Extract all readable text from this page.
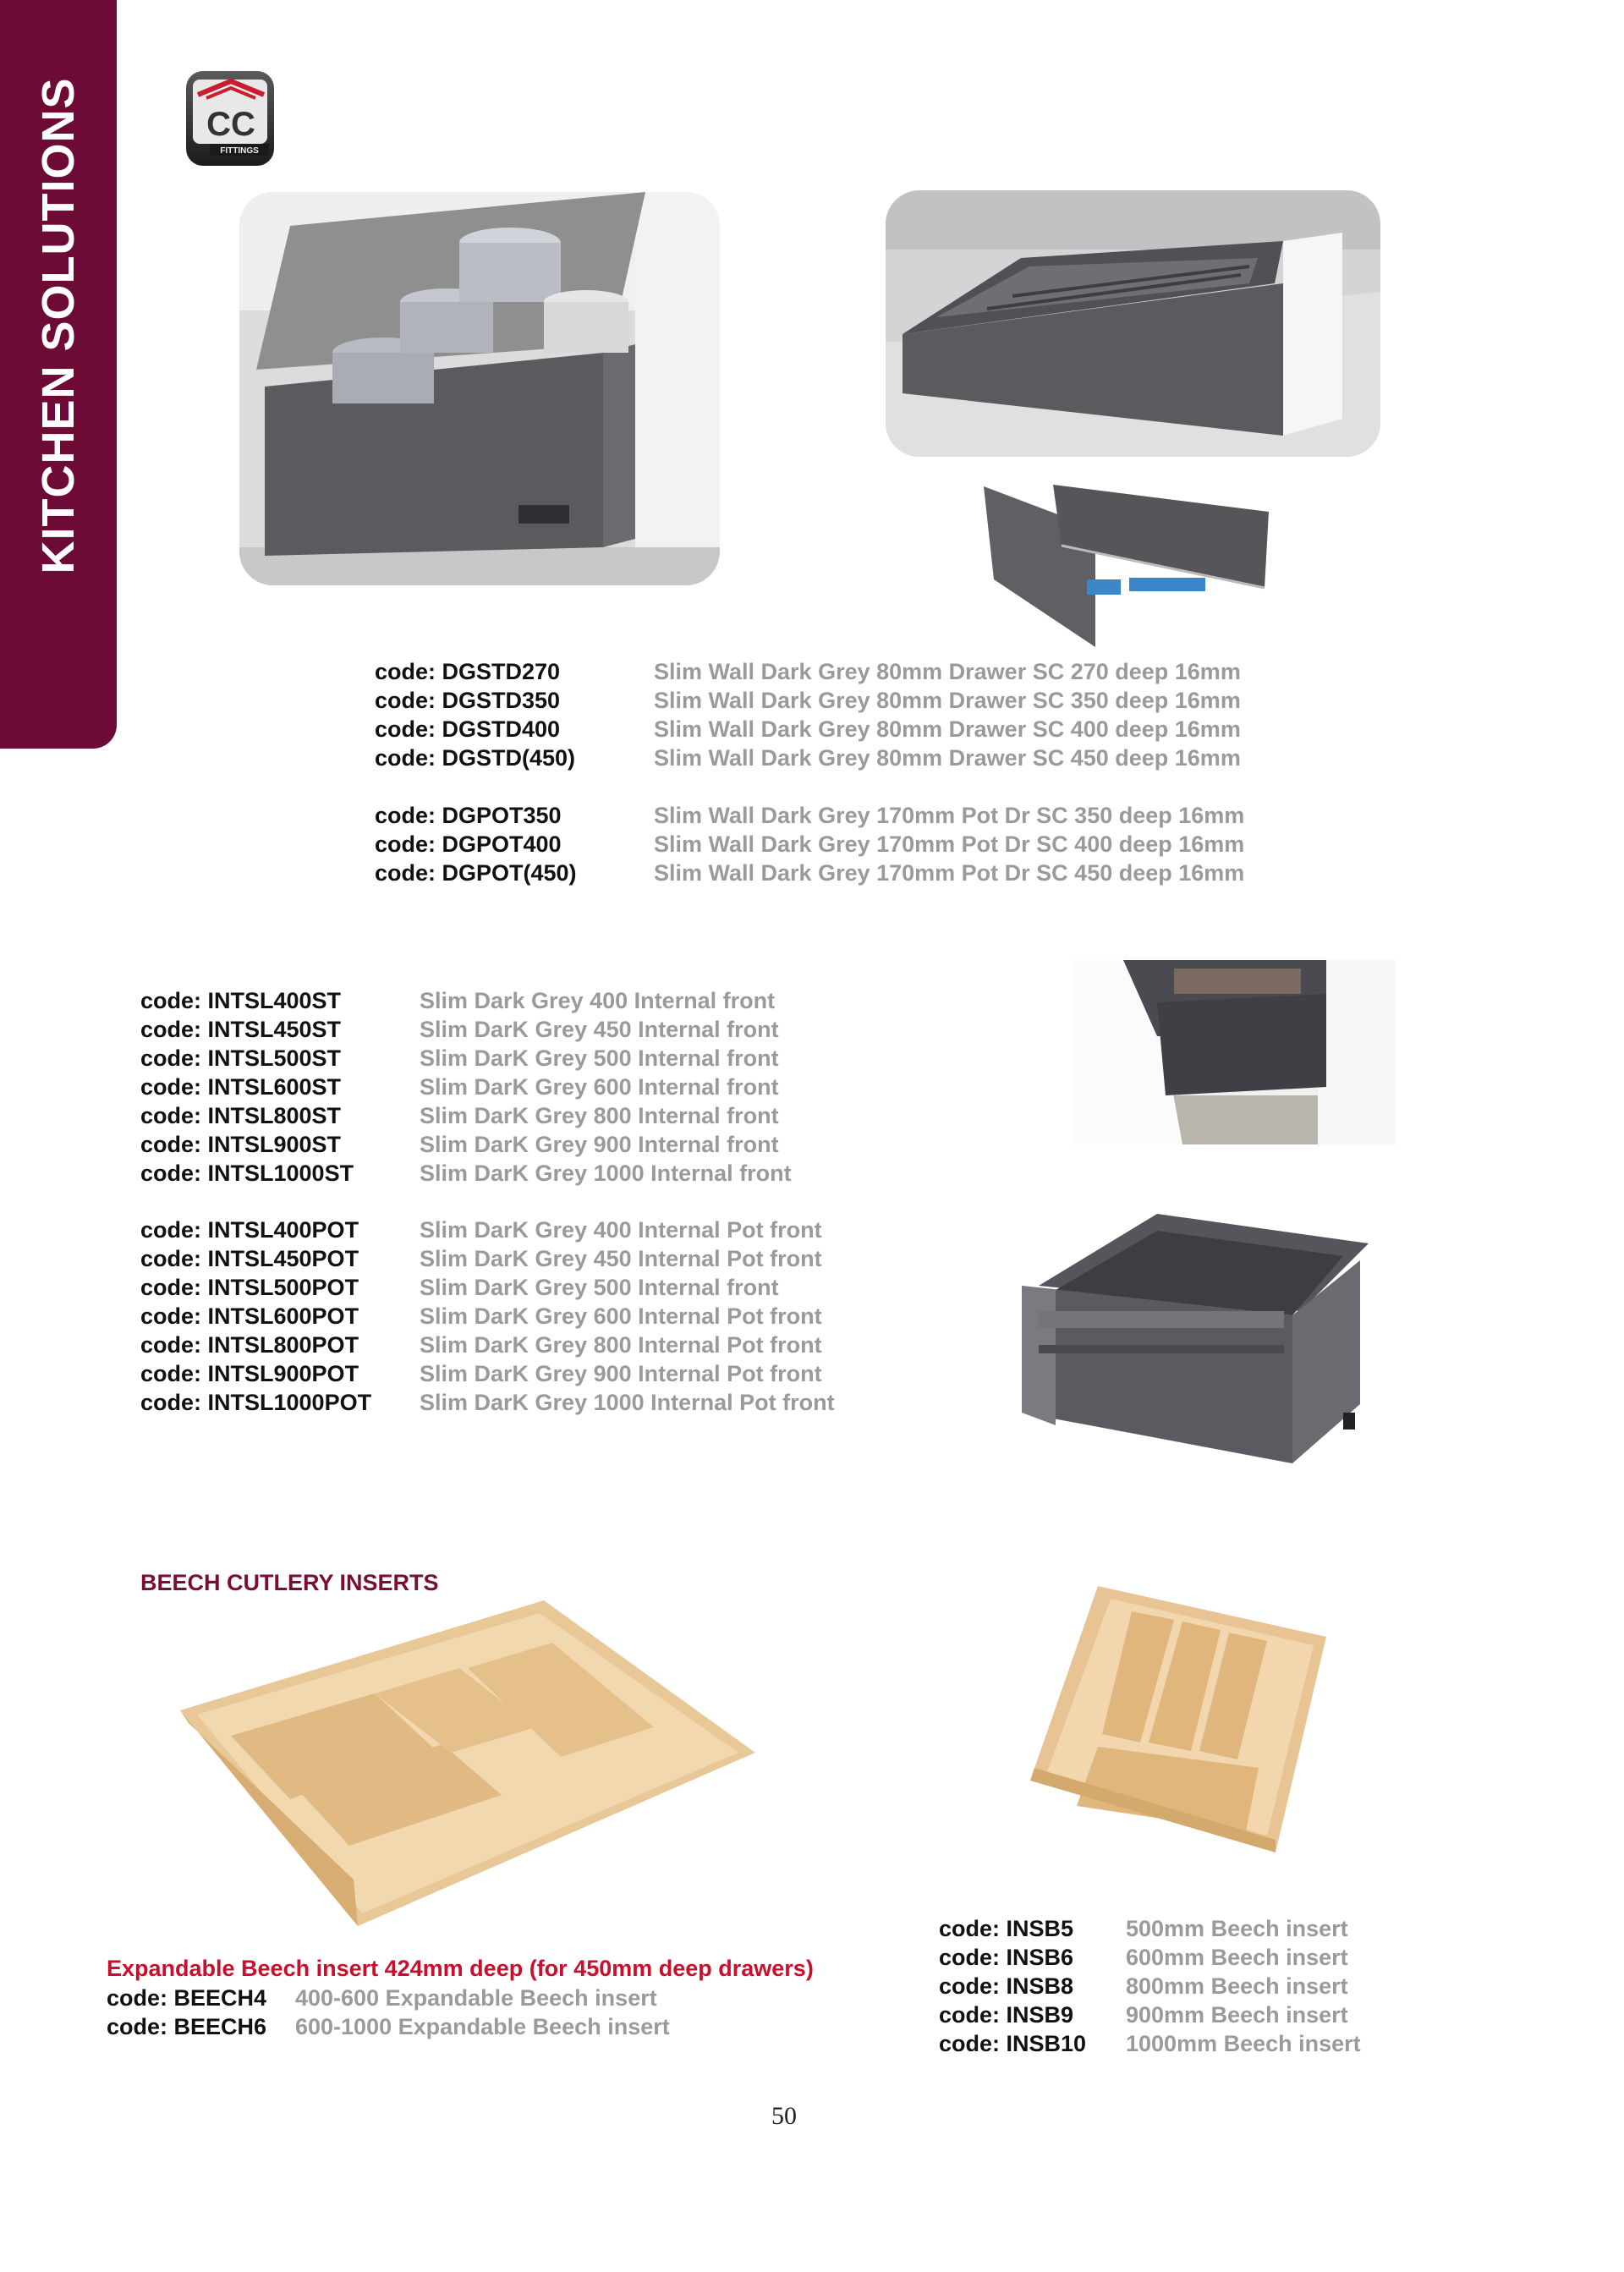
KITCHEN SOLUTIONS	CC
FITTINGS
code: DGSTD270	Slim Wall Dark Grey 80mm Drawer SC 270 deep 16mm
code: DGSTD350	Slim Wall Dark Grey 80mm Drawer SC 350 deep 16mm
code: DGSTD400	Slim Wall Dark Grey 80mm Drawer SC 400 deep 16mm
code: DGSTD(450)	Slim Wall Dark Grey 80mm Drawer SC 450 deep 16mm
code: DGPOT350	Slim Wall Dark Grey 170mm Pot Dr SC 350 deep 16mm
code: DGPOT400	Slim Wall Dark Grey 170mm Pot Dr SC 400 deep 16mm
code: DGPOT(450)	Slim Wall Dark Grey 170mm Pot Dr SC 450 deep 16mm
code: INTSL400ST	Slim Dark Grey 400 Internal front
code: INTSL450ST	Slim DarK Grey 450 Internal front
code: INTSL500ST	Slim DarK Grey 500 Internal front
code: INTSL600ST	Slim DarK Grey 600 Internal front
code: INTSL800ST	Slim DarK Grey 800 Internal front
code: INTSL900ST	Slim DarK Grey 900 Internal front
code: INTSL1000ST	Slim DarK Grey 1000 Internal front
code: INTSL400POT	Slim DarK Grey 400 Internal Pot front
code: INTSL450POT	Slim DarK Grey 450 Internal Pot front
code: INTSL500POT	Slim DarK Grey 500 Internal front
code: INTSL600POT	Slim DarK Grey 600 Internal Pot front
code: INTSL800POT	Slim DarK Grey 800 Internal Pot front
code: INTSL900POT	Slim DarK Grey 900 Internal Pot front
code: INTSL1000POT Slim DarK Grey 1000 Internal Pot front
BEECH CUTLERY INSERTS
Expandable Beech insert 424mm deep (for 450mm deep drawers)
code: BEECH4 400-600 Expandable Beech insert
code: BEECH6 600-1000 Expandable Beech insert
code: INSB5 500mm Beech insert
code: INSB6 600mm Beech insert
code: INSB8 800mm Beech insert
code: INSB9 900mm Beech insert
code: INSB10 1000mm Beech insert
50
